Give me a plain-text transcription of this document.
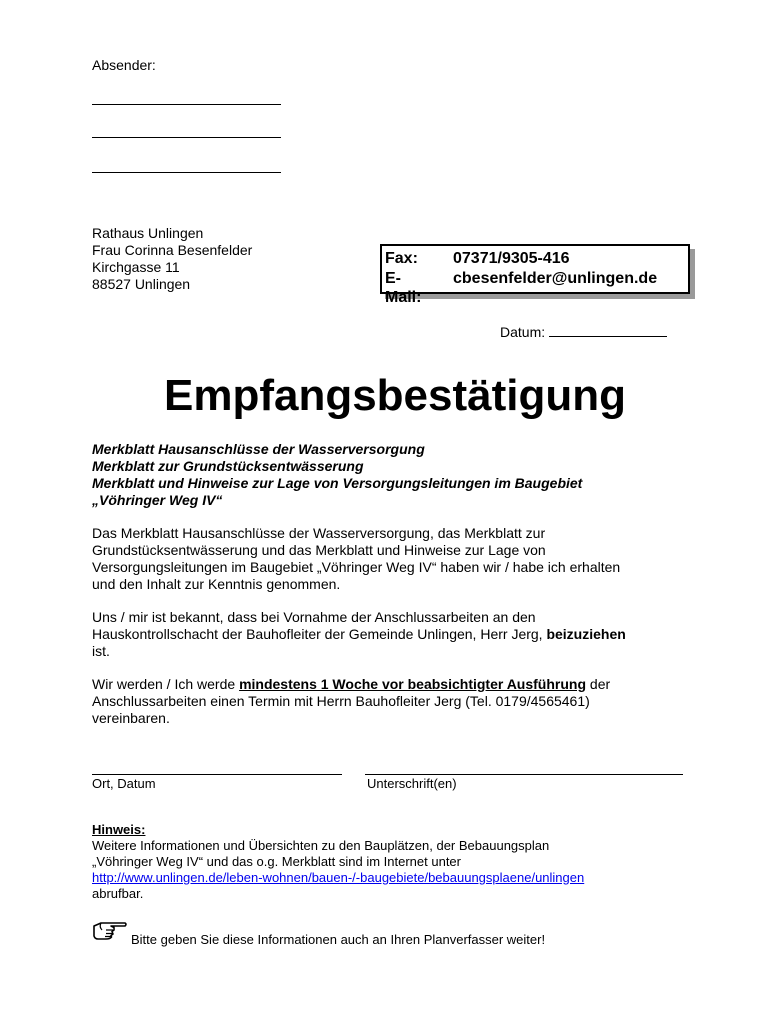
Absender:
Rathaus Unlingen
Frau Corinna Besenfelder
Kirchgasse 11
88527 Unlingen
Fax: 07371/9305-416
E-Mail:
cbesenfelder@unlingen.de
Datum:
Empfangsbestätigung
Merkblatt Hausanschlüsse der Wasserversorgung
Merkblatt zur Grundstücksentwässerung
Merkblatt und Hinweise zur Lage von Versorgungsleitungen im Baugebiet
„Vöhringer Weg IV“
Das Merkblatt Hausanschlüsse der Wasserversorgung, das Merkblatt zur
Grundstücksentwässerung und das Merkblatt und Hinweise zur Lage von
Versorgungsleitungen im Baugebiet „Vöhringer Weg IV“ haben wir / habe ich erhalten
und den Inhalt zur Kenntnis genommen.
Uns / mir ist bekannt, dass bei Vornahme der Anschlussarbeiten an den
Hauskontrollschacht der Bauhofleiter der Gemeinde Unlingen, Herr Jerg, beizuziehen
ist.
Wir werden / Ich werde mindestens 1 Woche vor beabsichtigter Ausführung der
Anschlussarbeiten einen Termin mit Herrn Bauhofleiter Jerg (Tel. 0179/4565461)
vereinbaren.
Ort, Datum	Unterschrift(en)
Hinweis:
Weitere Informationen und Übersichten zu den Bauplätzen, der Bebauungsplan
„Vöhringer Weg IV“ und das o.g. Merkblatt sind im Internet unter
http://www.unlingen.de/leben-wohnen/bauen-/-baugebiete/bebauungsplaene/unlingen
abrufbar.
Bitte geben Sie diese Informationen auch an Ihren Planverfasser weiter!
